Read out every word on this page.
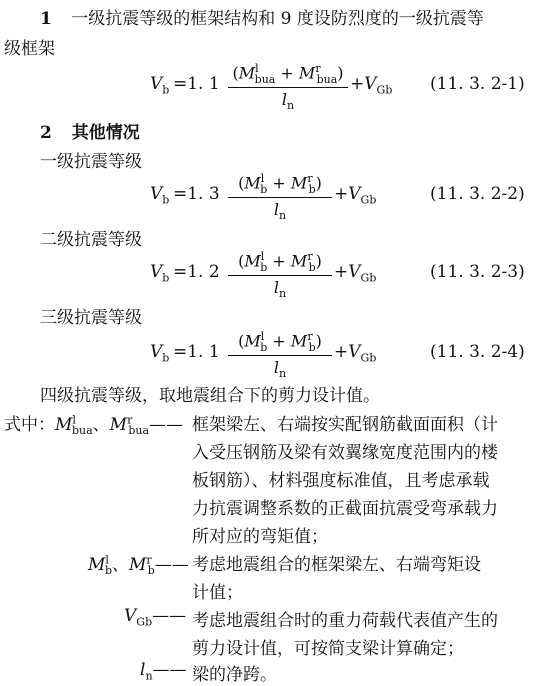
1 一级抗震等级的框架结构和 9 度设防烈度的一级抗震等
级框架
$V_b =1$. 1
$(M^l_{bua} + M^r_{bua})$
$l_n$
$+V_{Gb}$ (11. 3. 2-1)
2 其他情况
一级抗震等级
$V_b =1$. 3
$(M^l_b + M^r_b)$
$l_n$
$+V_{Gb}$	(11. 3. 2-2)
二级抗震等级
$V_b =1$. 2
$(M^l_b + M^r_b)$
$l_n$
$+V_{Gb}$	(11. 3. 2-3)
三级抗震等级
$V_b =1$. 1
$(M^l_b + M^r_b)$
$l_n$
$+V_{Gb}$	(11. 3. 2-4)
四级抗震等级，取地震组合下的剪力设计值。
式中：$M^l_{bua}$、$M^r_{bua}——$ 框架梁左、右端按实配钢筋截面面积（计
入受压钢筋及梁有效翼缘宽度范围内的楼
板钢筋）、材料强度标准值，且考虑承载
力抗震调整系数的正截面抗震受弯承载力
所对应的弯矩值；
$M^l_b$、$M^r_b——$ 考虑地震组合的框架梁左、右端弯矩设
计值；
$V_{Gb}——$ 考虑地震组合时的重力荷载代表值产生的
剪力设计值，可按简支梁计算确定；
$l_n——$ 梁的净跨。
